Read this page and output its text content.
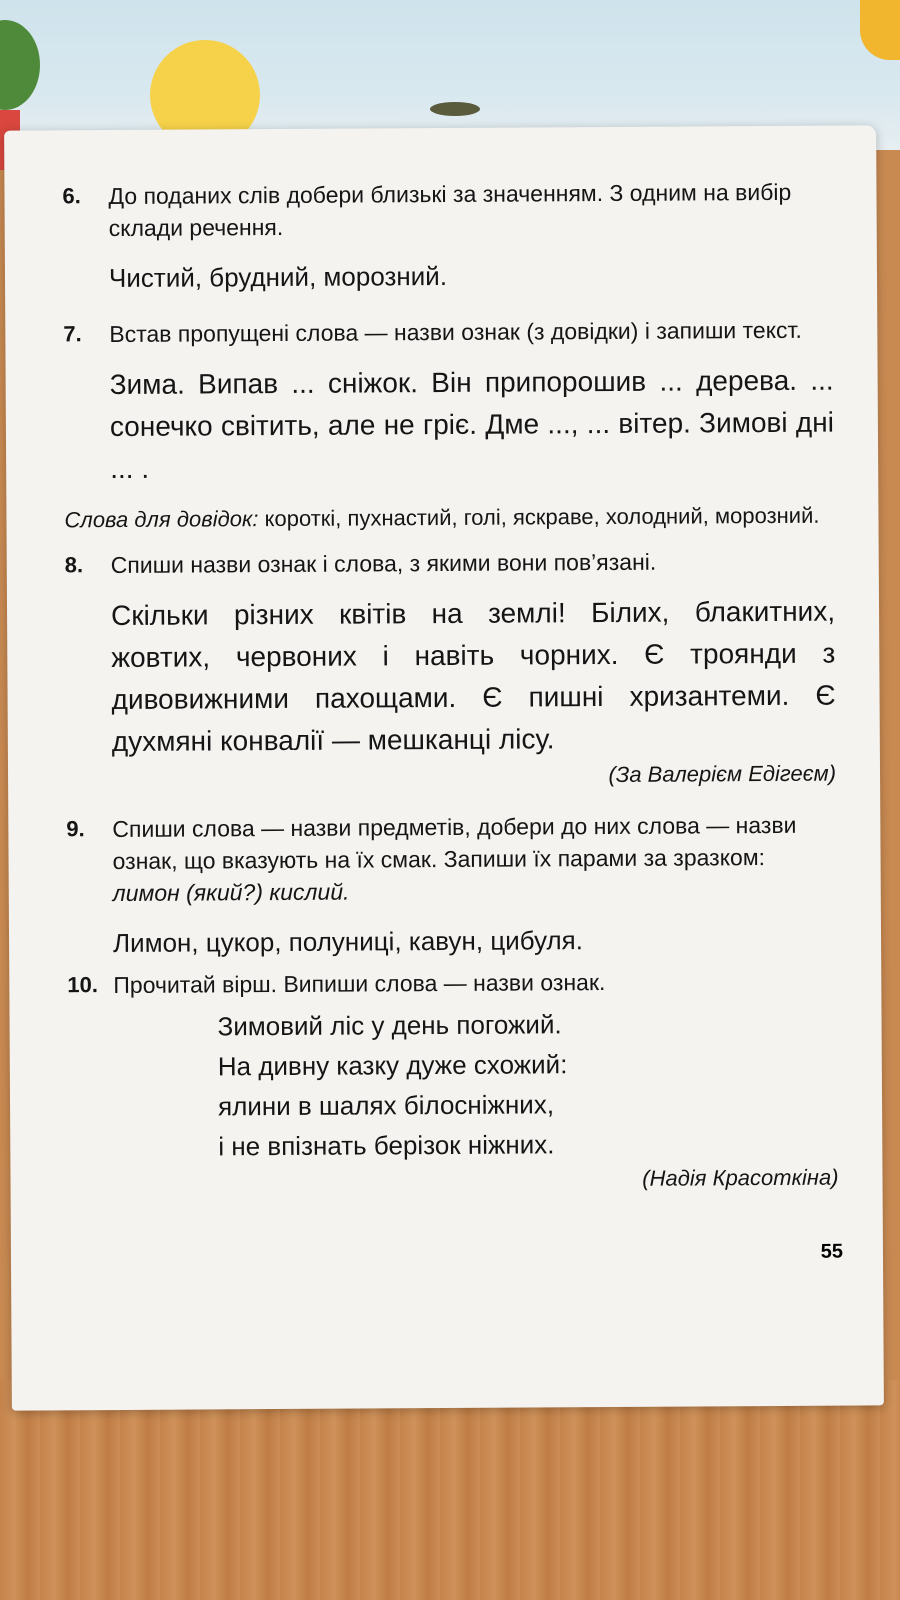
6.	До поданих слів добери близькі за значенням. З одним на вибір склади речення.
Чистий, брудний, морозний.
7.	Встав пропущені слова — назви ознак (з довідки) і запиши текст.
Зима. Випав ... сніжок. Він припорошив ... дерева. ... сонечко світить, але не гріє. Дме ..., ... вітер. Зимові дні ... .
Слова для довідок: короткі, пухнастий, голі, яскраве, холодний, морозний.
8.	Спиши назви ознак і слова, з якими вони пов’язані.
Скільки різних квітів на землі! Білих, блакитних, жовтих, червоних і навіть чорних. Є троянди з дивовижними пахощами. Є пишні хризантеми. Є духмяні конвалії — мешканці лісу.
(За Валерієм Едігеєм)
9.	Спиши слова — назви предметів, добери до них слова — назви ознак, що вказують на їх смак. Запиши їх парами за зразком: лимон (який?) кислий.
Лимон, цукор, полуниці, кавун, цибуля.
10. Прочитай вірш. Випиши слова — назви ознак.
Зимовий ліс у день погожий.
На дивну казку дуже схожий:
ялини в шалях білосніжних,
і не впізнать берізок ніжних.
(Надія Красоткіна)
55
